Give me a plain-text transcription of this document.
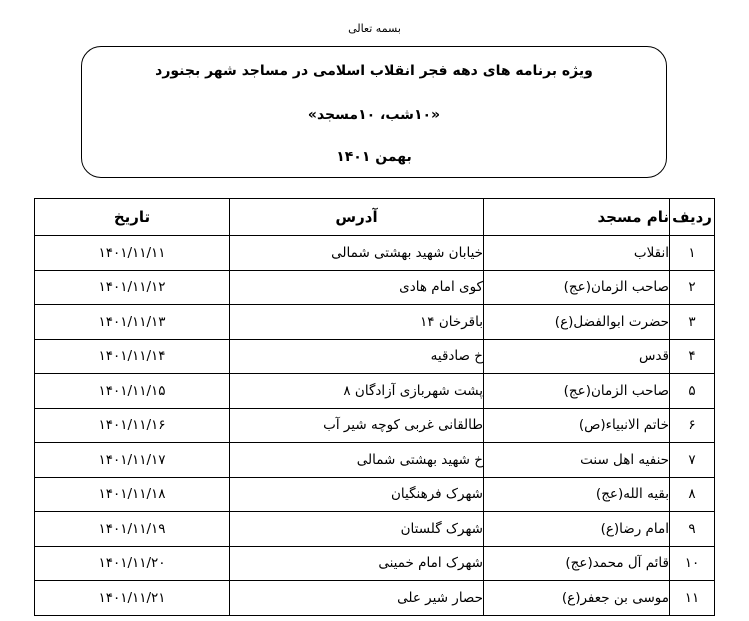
بسمه تعالی
ویژه برنامه های دهه فجر انقلاب اسلامی در مساجد شهر بجنورد
«۱۰شب، ۱۰مسجد»
بهمن ۱۴۰۱
ردیف	نام مسجد	آدرس	تاریخ
۱	انقلاب	خیابان شهید بهشتی شمالی	۱۴۰۱/۱۱/۱۱
۲	صاحب الزمان(عج)	کوی امام هادی	۱۴۰۱/۱۱/۱۲
۳	حضرت ابوالفضل(ع)	باقرخان ۱۴	۱۴۰۱/۱۱/۱۳
۴	قدس	خ صادقیه	۱۴۰۱/۱۱/۱۴
۵	صاحب الزمان(عج)	پشت شهربازی آزادگان ۸	۱۴۰۱/۱۱/۱۵
۶	خاتم الانبیاء(ص)	طالقانی غربی کوچه شیر آب	۱۴۰۱/۱۱/۱۶
۷	حنفیه اهل سنت	خ شهید بهشتی شمالی	۱۴۰۱/۱۱/۱۷
۸	بقیه الله(عج)	شهرک فرهنگیان	۱۴۰۱/۱۱/۱۸
۹	امام رضا(ع)	شهرک گلستان	۱۴۰۱/۱۱/۱۹
۱۰	قائم آل محمد(عج)	شهرک امام خمینی	۱۴۰۱/۱۱/۲۰
۱۱	موسی بن جعفر(ع)	حصار شیر علی	۱۴۰۱/۱۱/۲۱
